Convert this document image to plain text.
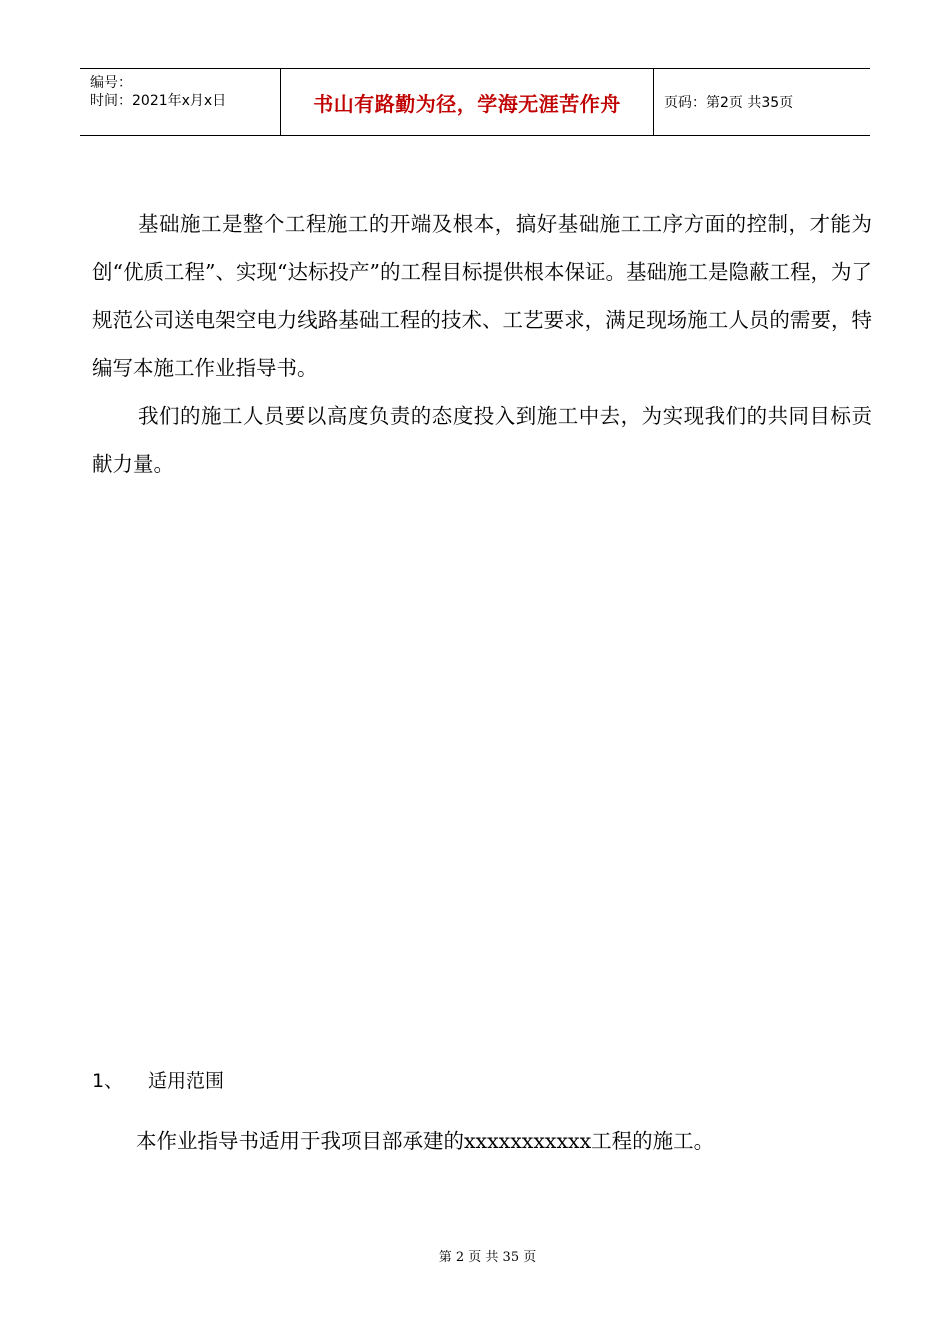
编号：
时间：2021年x月x日	书山有路勤为径，学海无涯苦作舟	页码：第2页 共35页

基础施工是整个工程施工的开端及根本，搞好基础施工工序方面的控制，才能为创“优质工程”、实现“达标投产”的工程目标提供根本保证。基础施工是隐蔽工程，为了规范公司送电架空电力线路基础工程的技术、工艺要求，满足现场施工人员的需要，特编写本施工作业指导书。

我们的施工人员要以高度负责的态度投入到施工中去，为实现我们的共同目标贡献力量。

1、	适用范围
本作业指导书适用于我项目部承建的xxxxxxxxxxx工程的施工。
第 2 页 共 35 页
